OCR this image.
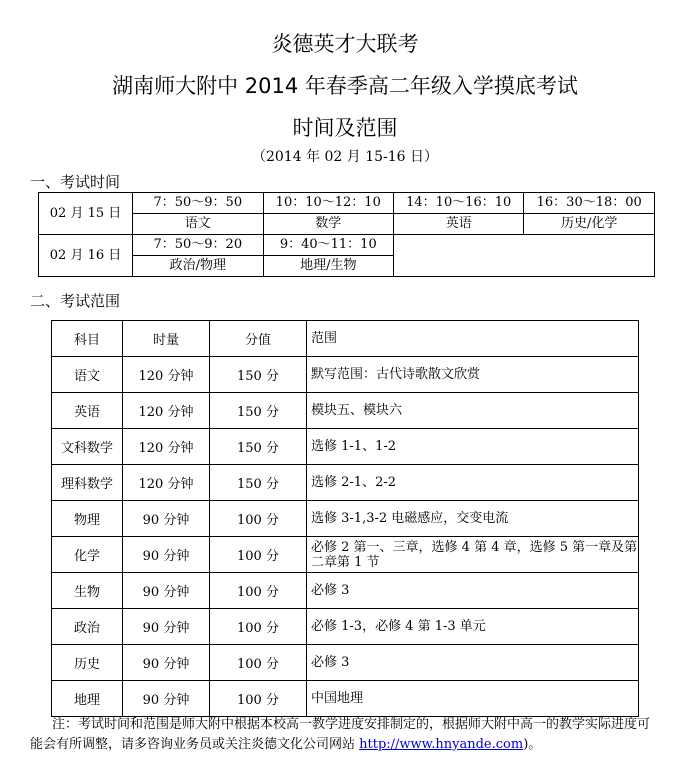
炎德英才大联考
湖南师大附中 2014 年春季高二年级入学摸底考试
时间及范围
（2014 年 02 月 15-16 日）
一、考试时间
02 月 15 日	7：50～9：50	10：10～12：10	14：10～16：10	16：30～18：00
	语文	数学	英语	历史/化学
02 月 16 日	7：50～9：20	9：40～11：10		
	政治/物理	地理/生物		
二、考试范围
科目	时量	分值	范围
语文	120 分钟	150 分	默写范围：古代诗歌散文欣赏
英语	120 分钟	150 分	模块五、模块六
文科数学	120 分钟	150 分	选修 1-1、1-2
理科数学	120 分钟	150 分	选修 2-1、2-2
物理	90 分钟	100 分	选修 3-1,3-2 电磁感应，交变电流
化学	90 分钟	100 分	必修 2 第一、三章，选修 4 第 4 章，选修 5 第一章及第二章第 1 节
生物	90 分钟	100 分	必修 3
政治	90 分钟	100 分	必修 1-3，必修 4 第 1-3 单元
历史	90 分钟	100 分	必修 3
地理	90 分钟	100 分	中国地理
注：考试时间和范围是师大附中根据本校高一教学进度安排制定的，根据师大附中高一的教学实际进度可能会有所调整，请多咨询业务员或关注炎德文化公司网站 http://www.hnyande.com)。
